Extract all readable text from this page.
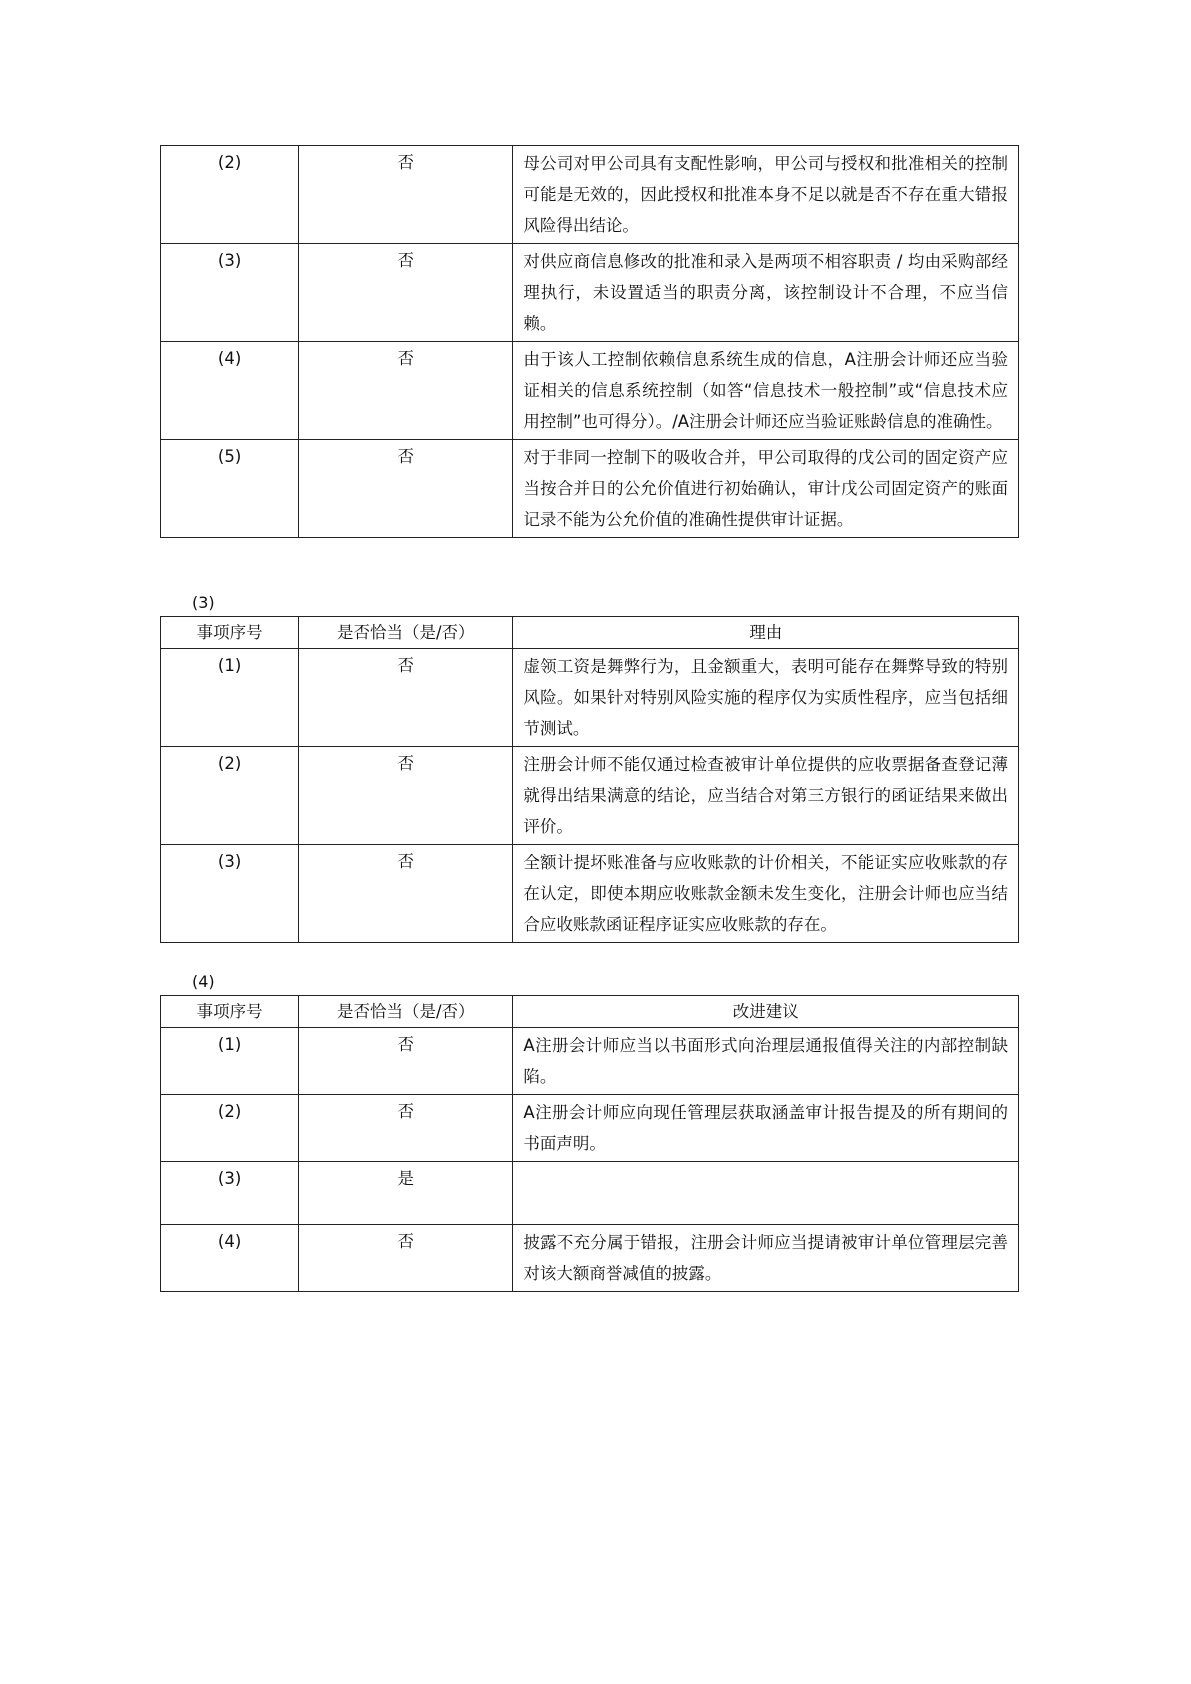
(2)	否	母公司对甲公司具有支配性影响，甲公司与授权和批准相关的控制可能是无效的，因此授权和批准本身不足以就是否不存在重大错报风险得出结论。
(3)	否	对供应商信息修改的批准和录入是两项不相容职责 / 均由采购部经理执行，未设置适当的职责分离，该控制设计不合理，不应当信赖。
(4)	否	由于该人工控制依赖信息系统生成的信息，A注册会计师还应当验证相关的信息系统控制（如答“信息技术一般控制”或“信息技术应用控制”也可得分）。/A注册会计师还应当验证账龄信息的准确性。
(5)	否	对于非同一控制下的吸收合并，甲公司取得的戊公司的固定资产应当按合并日的公允价值进行初始确认，审计戊公司固定资产的账面记录不能为公允价值的准确性提供审计证据。
(3)
事项序号	是否恰当（是/否）	理由
(1)	否	虚领工资是舞弊行为，且金额重大，表明可能存在舞弊导致的特别风险。如果针对特别风险实施的程序仅为实质性程序，应当包括细节测试。
(2)	否	注册会计师不能仅通过检查被审计单位提供的应收票据备查登记薄就得出结果满意的结论，应当结合对第三方银行的函证结果来做出评价。
(3)	否	全额计提坏账准备与应收账款的计价相关，不能证实应收账款的存在认定，即使本期应收账款金额未发生变化，注册会计师也应当结合应收账款函证程序证实应收账款的存在。
(4)
事项序号	是否恰当（是/否）	改进建议
(1)	否	A注册会计师应当以书面形式向治理层通报值得关注的内部控制缺陷。
(2)	否	A注册会计师应向现任管理层获取涵盖审计报告提及的所有期间的书面声明。
(3)	是	
(4)	否	披露不充分属于错报，注册会计师应当提请被审计单位管理层完善对该大额商誉减值的披露。
